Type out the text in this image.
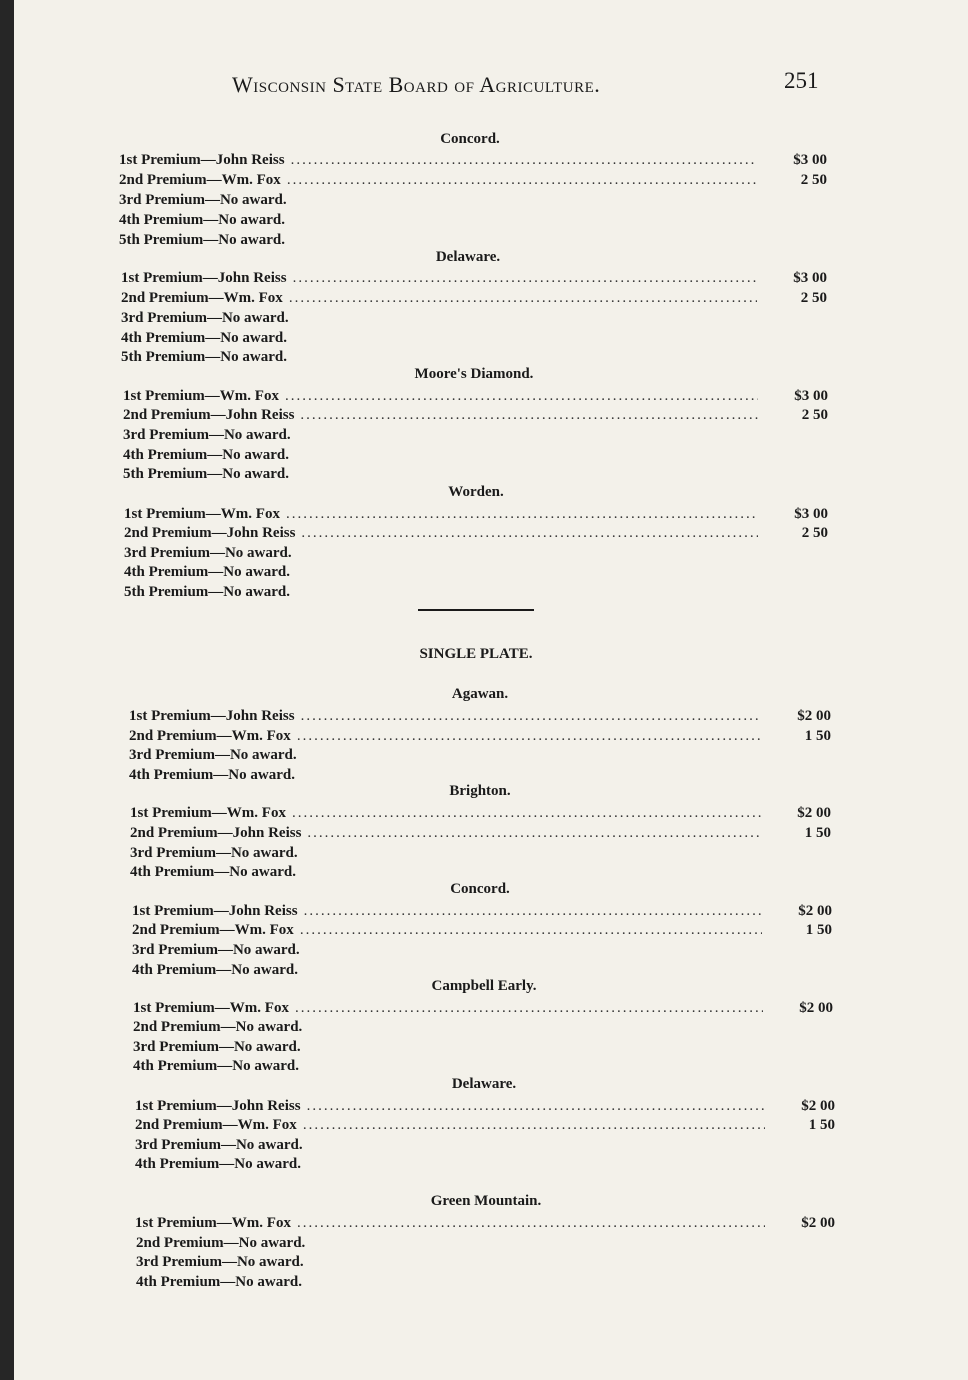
Wisconsin State Board of Agriculture.	251
Concord.
1st Premium—John Reiss .....	$3 00
2nd Premium—Wm. Fox .....	2 50
3rd Premium—No award.
4th Premium—No award.
5th Premium—No award.
Delaware.
1st Premium—John Reiss .....	$3 00
2nd Premium—Wm. Fox .....	2 50
3rd Premium—No award.
4th Premium—No award.
5th Premium—No award.
Moore's Diamond.
1st Premium—Wm. Fox .....	$3 00
2nd Premium—John Reiss .....	2 50
3rd Premium—No award.
4th Premium—No award.
5th Premium—No award.
Worden.
1st Premium—Wm. Fox .....	$3 00
2nd Premium—John Reiss .....	2 50
3rd Premium—No award.
4th Premium—No award.
5th Premium—No award.
SINGLE PLATE.
Agawan.
1st Premium—John Reiss .....	$2 00
2nd Premium—Wm. Fox .....	1 50
3rd Premium—No award.
4th Premium—No award.
Brighton.
1st Premium—Wm. Fox .....	$2 00
2nd Premium—John Reiss .....	1 50
3rd Premium—No award.
4th Premium—No award.
Concord.
1st Premium—John Reiss .....	$2 00
2nd Premium—Wm. Fox .....	1 50
3rd Premium—No award.
4th Premium—No award.
Campbell Early.
1st Premium—Wm. Fox .....	$2 00
2nd Premium—No award.
3rd Premium—No award.
4th Premium—No award.
Delaware.
1st Premium—John Reiss .....	$2 00
2nd Premium—Wm. Fox .....	1 50
3rd Premium—No award.
4th Premium—No award.
Green Mountain.
1st Premium—Wm. Fox .....	$2 00
2nd Premium—No award.
3rd Premium—No award.
4th Premium—No award.
